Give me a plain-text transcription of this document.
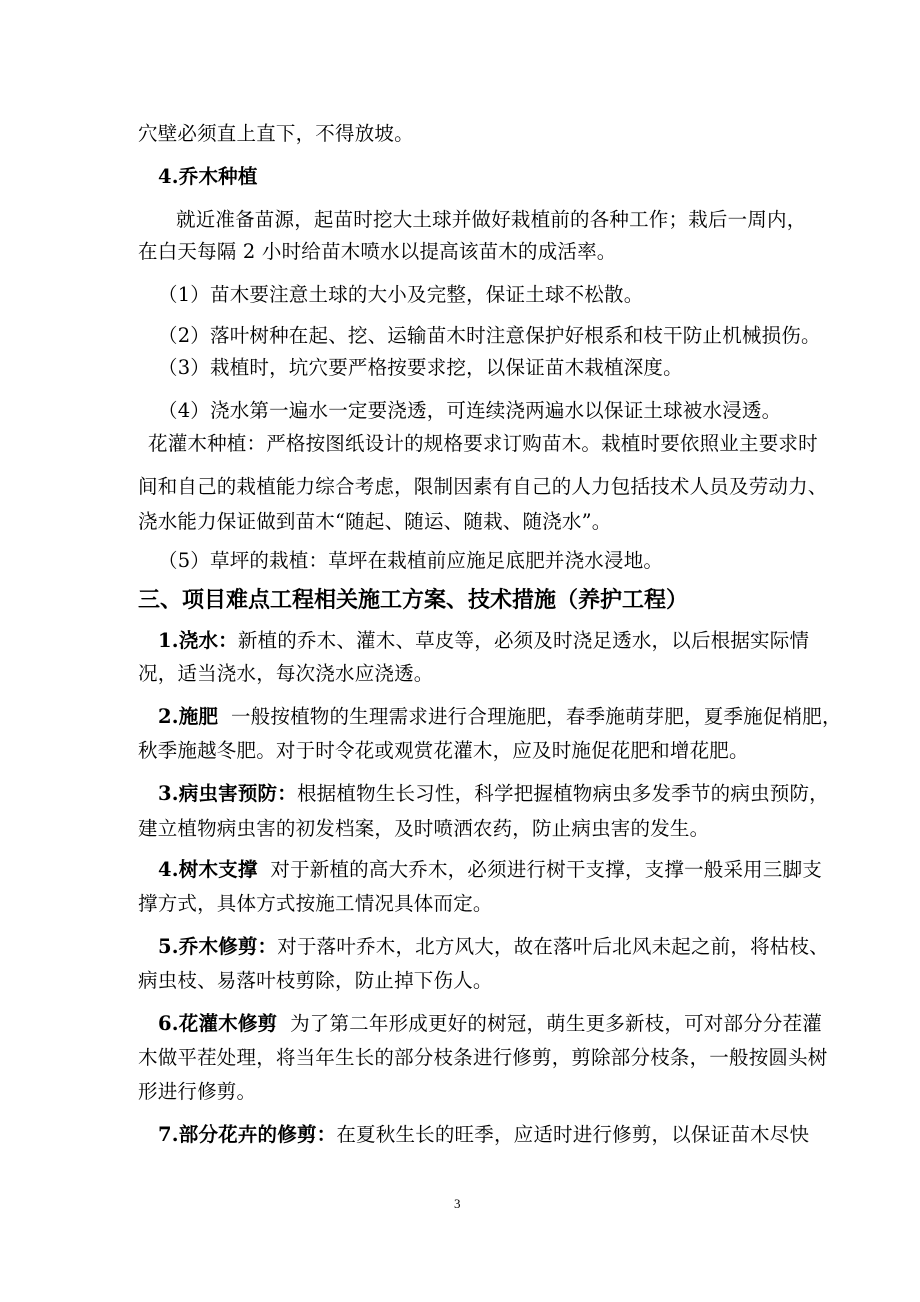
穴壁必须直上直下，不得放坡。
4.乔木种植
就近准备苗源，起苗时挖大土球并做好栽植前的各种工作；栽后一周内，
在白天每隔 2 小时给苗木喷水以提高该苗木的成活率。
（1）苗木要注意土球的大小及完整，保证土球不松散。
（2）落叶树种在起、挖、运输苗木时注意保护好根系和枝干防止机械损伤。
（3）栽植时，坑穴要严格按要求挖，以保证苗木栽植深度。
（4）浇水第一遍水一定要浇透，可连续浇两遍水以保证土球被水浸透。
花灌木种植：严格按图纸设计的规格要求订购苗木。栽植时要依照业主要求时
间和自己的栽植能力综合考虑，限制因素有自己的人力包括技术人员及劳动力、
浇水能力保证做到苗木“随起、随运、随栽、随浇水”。
（5）草坪的栽植：草坪在栽植前应施足底肥并浇水浸地。
三、项目难点工程相关施工方案、技术措施（养护工程）
1.浇水：新植的乔木、灌木、草皮等，必须及时浇足透水，以后根据实际情
况，适当浇水，每次浇水应浇透。
2.施肥 一般按植物的生理需求进行合理施肥，春季施萌芽肥，夏季施促梢肥，
秋季施越冬肥。对于时令花或观赏花灌木，应及时施促花肥和增花肥。
3.病虫害预防：根据植物生长习性，科学把握植物病虫多发季节的病虫预防，
建立植物病虫害的初发档案，及时喷洒农药，防止病虫害的发生。
4.树木支撑 对于新植的高大乔木，必须进行树干支撑，支撑一般采用三脚支
撑方式，具体方式按施工情况具体而定。
5.乔木修剪：对于落叶乔木，北方风大，故在落叶后北风未起之前，将枯枝、
病虫枝、易落叶枝剪除，防止掉下伤人。
6.花灌木修剪 为了第二年形成更好的树冠，萌生更多新枝，可对部分分茬灌
木做平茬处理，将当年生长的部分枝条进行修剪，剪除部分枝条，一般按圆头树
形进行修剪。
7.部分花卉的修剪：在夏秋生长的旺季，应适时进行修剪，以保证苗木尽快
3
